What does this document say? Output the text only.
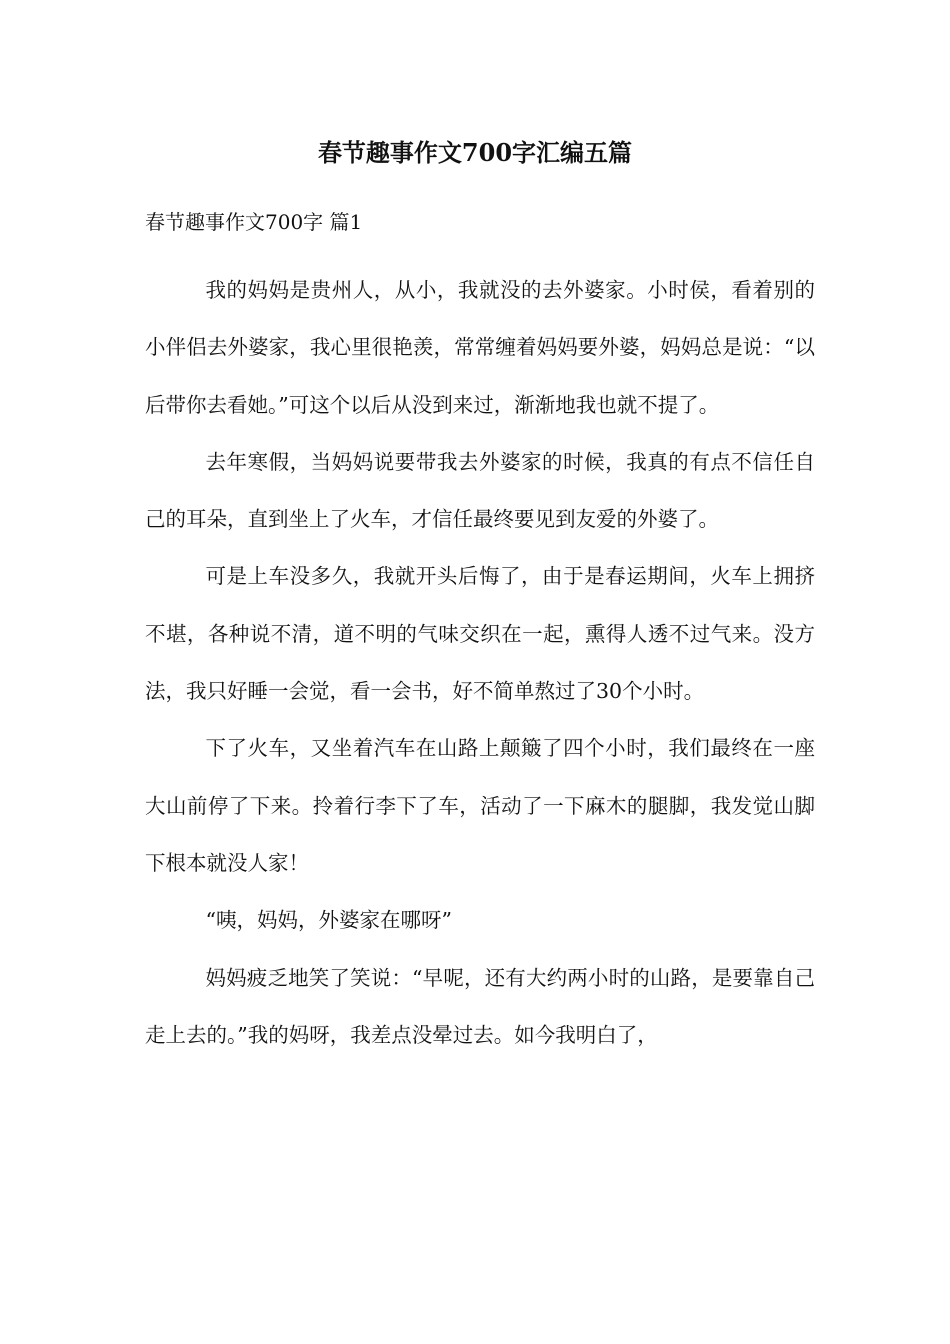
春节趣事作文700字汇编五篇
春节趣事作文700字 篇1

我的妈妈是贵州人，从小，我就没的去外婆家。小时侯，看着别的小伴侣去外婆家，我心里很艳羡，常常缠着妈妈要外婆，妈妈总是说：“以后带你去看她。”可这个以后从没到来过，渐渐地我也就不提了。

去年寒假，当妈妈说要带我去外婆家的时候，我真的有点不信任自己的耳朵，直到坐上了火车，才信任最终要见到友爱的外婆了。

可是上车没多久，我就开头后悔了，由于是春运期间，火车上拥挤不堪，各种说不清，道不明的气味交织在一起，熏得人透不过气来。没方法，我只好睡一会觉，看一会书，好不简单熬过了30个小时。

下了火车，又坐着汽车在山路上颠簸了四个小时，我们最终在一座大山前停了下来。拎着行李下了车，活动了一下麻木的腿脚，我发觉山脚下根本就没人家！

“咦，妈妈，外婆家在哪呀”

妈妈疲乏地笑了笑说：“早呢，还有大约两小时的山路，是要靠自己走上去的。”我的妈呀，我差点没晕过去。如今我明白了，
